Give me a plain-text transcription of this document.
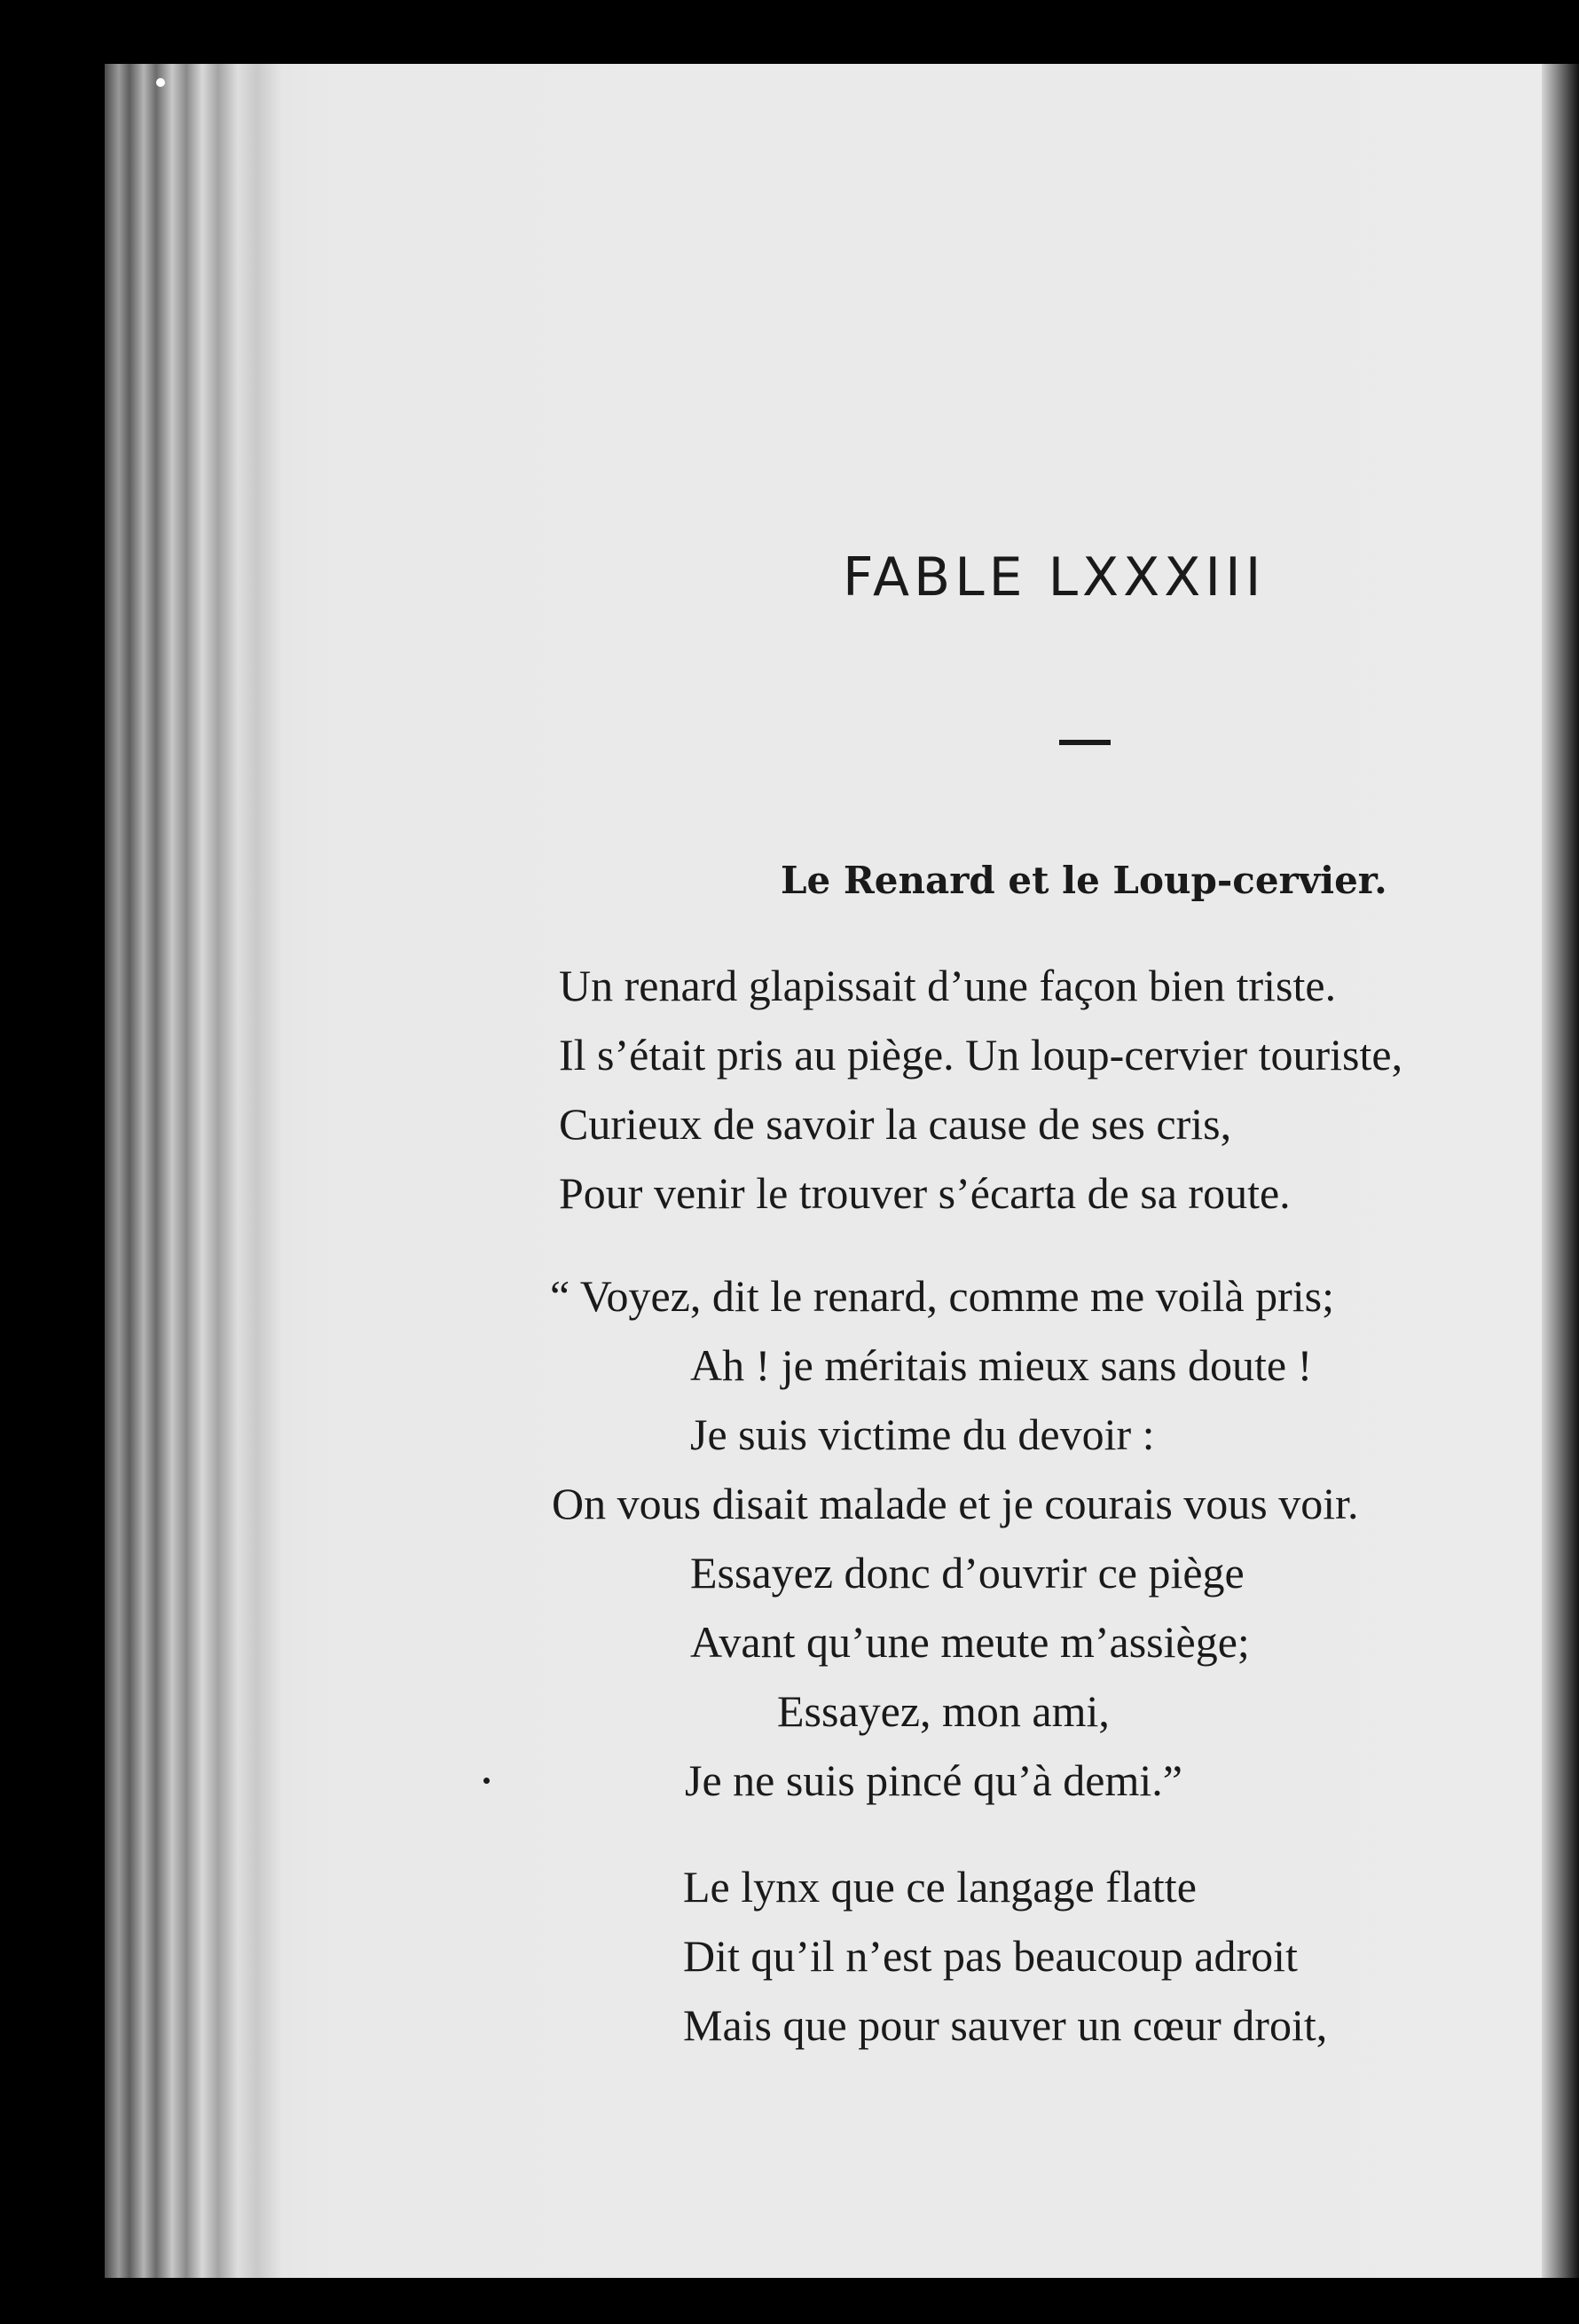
FABLE LXXXIII
Le Renard et le Loup-cervier.
Un renard glapissait d’une façon bien triste.
Il s’était pris au piège. Un loup-cervier touriste,
Curieux de savoir la cause de ses cris,
Pour venir le trouver s’écarta de sa route.
“ Voyez, dit le renard, comme me voilà pris;
Ah ! je méritais mieux sans doute !
Je suis victime du devoir :
On vous disait malade et je courais vous voir.
Essayez donc d’ouvrir ce piège
Avant qu’une meute m’assiège;
Essayez, mon ami,
Je ne suis pincé qu’à demi.”
Le lynx que ce langage flatte
Dit qu’il n’est pas beaucoup adroit
Mais que pour sauver un cœur droit,
